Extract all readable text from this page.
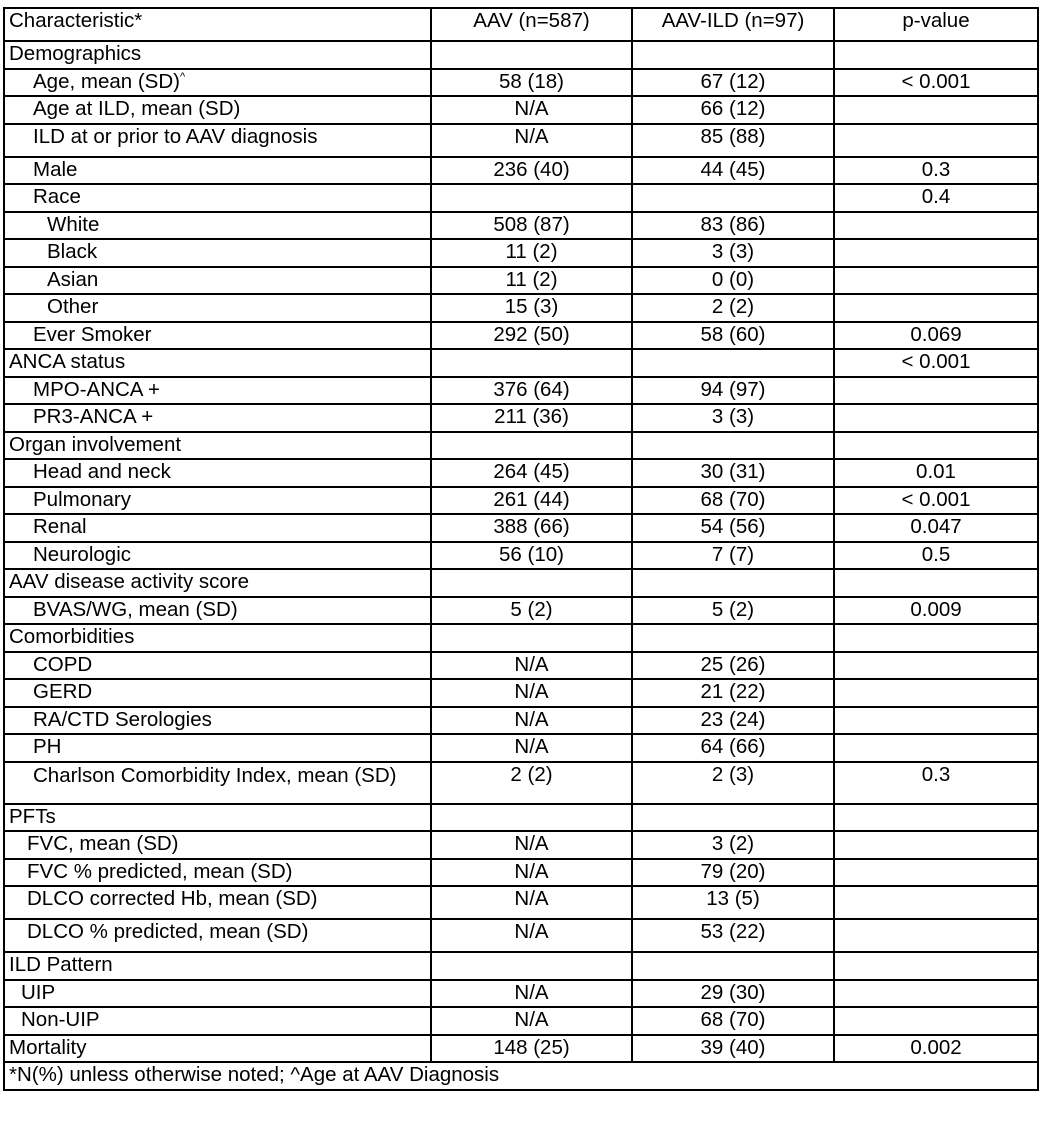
Characteristic*	AAV (n=587)	AAV-ILD (n=97)	p-value
Demographics			
Age, mean (SD)^	58 (18)	67 (12)	< 0.001
Age at ILD, mean (SD)	N/A	66 (12)	
ILD at or prior to AAV diagnosis	N/A	85 (88)	
Male	236 (40)	44 (45)	0.3
Race			0.4
White	508 (87)	83 (86)	
Black	11 (2)	3 (3)	
Asian	11 (2)	0 (0)	
Other	15 (3)	2 (2)	
Ever Smoker	292 (50)	58 (60)	0.069
ANCA status			< 0.001
MPO-ANCA +	376 (64)	94 (97)	
PR3-ANCA +	211 (36)	3 (3)	
Organ involvement			
Head and neck	264 (45)	30 (31)	0.01
Pulmonary	261 (44)	68 (70)	< 0.001
Renal	388 (66)	54 (56)	0.047
Neurologic	56 (10)	7 (7)	0.5
AAV disease activity score			
BVAS/WG, mean (SD)	5 (2)	5 (2)	0.009
Comorbidities			
COPD	N/A	25 (26)	
GERD	N/A	21 (22)	
RA/CTD Serologies	N/A	23 (24)	
PH	N/A	64 (66)	
Charlson Comorbidity Index, mean (SD)	2 (2)	2 (3)	0.3
PFTs			
FVC, mean (SD)	N/A	3 (2)	
FVC % predicted, mean (SD)	N/A	79 (20)	
DLCO corrected Hb, mean (SD)	N/A	13 (5)	
DLCO % predicted, mean (SD)	N/A	53 (22)	
ILD Pattern			
UIP	N/A	29 (30)	
Non-UIP	N/A	68 (70)	
Mortality	148 (25)	39 (40)	0.002
*N(%) unless otherwise noted; ^Age at AAV Diagnosis			
